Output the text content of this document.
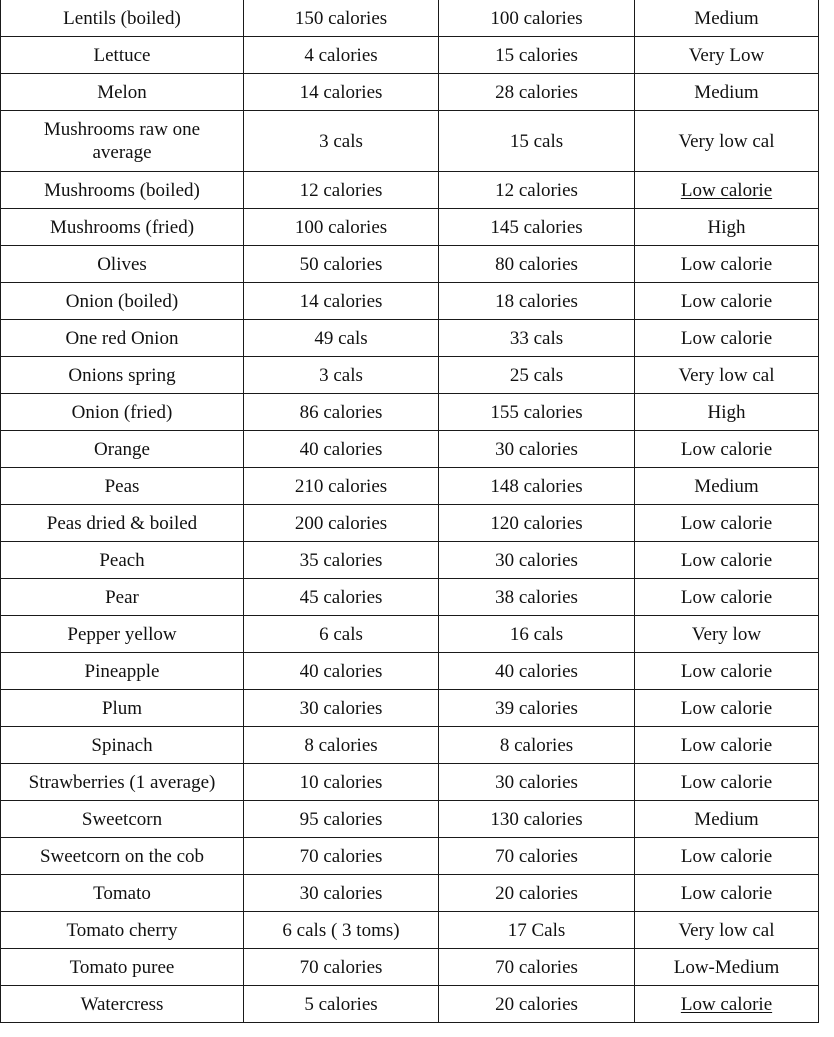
Lentils (boiled)	150 calories	100 calories	Medium
Lettuce	4 calories	15 calories	Very Low
Melon	14 calories	28 calories	Medium
Mushrooms raw one average	3 cals	15 cals	Very low cal
Mushrooms (boiled)	12 calories	12 calories	Low calorie
Mushrooms (fried)	100 calories	145 calories	High
Olives	50 calories	80 calories	Low calorie
Onion (boiled)	14 calories	18 calories	Low calorie
One red Onion	49 cals	33 cals	Low calorie
Onions spring	3 cals	25 cals	Very low cal
Onion (fried)	86 calories	155 calories	High
Orange	40 calories	30 calories	Low calorie
Peas	210 calories	148 calories	Medium
Peas dried & boiled	200 calories	120 calories	Low calorie
Peach	35 calories	30 calories	Low calorie
Pear	45 calories	38 calories	Low calorie
Pepper yellow	6 cals	16 cals	Very low
Pineapple	40 calories	40 calories	Low calorie
Plum	30 calories	39 calories	Low calorie
Spinach	8 calories	8 calories	Low calorie
Strawberries (1 average)	10 calories	30 calories	Low calorie
Sweetcorn	95 calories	130 calories	Medium
Sweetcorn on the cob	70 calories	70 calories	Low calorie
Tomato	30 calories	20 calories	Low calorie
Tomato cherry	6 cals ( 3 toms)	17 Cals	Very low cal
Tomato puree	70 calories	70 calories	Low-Medium
Watercress	5 calories	20 calories	Low calorie
